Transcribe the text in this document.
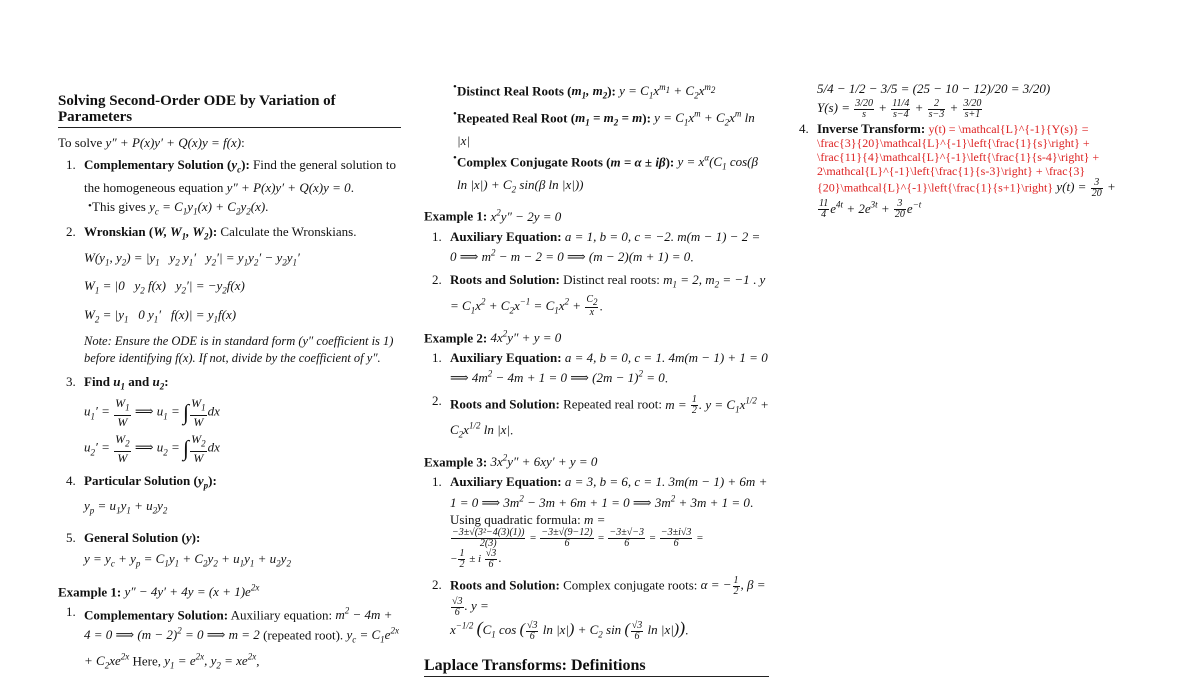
Solving Second-Order ODE by Variation of Parameters

To solve y″ + P(x)y′ + Q(x)y = f(x):

1. Complementary Solution $(y_c)$: Find the general solution to the homogeneous equation y″ + P(x)y′ + Q(x)y = 0.
• This gives $y_c = C_1y_1(x) + C_2y_2(x)$.
2. Wronskian (W, $W_1$, $W_2$): Calculate the Wronskians.
$W(y_1$, $y_2) = |y_1$   $y_2$ $y_1'$   $y_2'| = y_1y_2' - y_2y_1'$
$W_1 = |0$   $y_2$ f(x)   $y_2'| = -y_2f(x)$
$W_2 = |y_1$   0 $y_1'$   $f(x)| = y_1f(x)$
Note: Ensure the ODE is in standard form (y″ coefficient is 1) before identifying f(x). If not, divide by the coefficient of y″.
3. Find $u_1$ and $u_2$:
$u_1' = \frac{W_1}{W}$ ⟹ $u_1$ = ∫ $\frac{W_1}{W}$ dx
$u_2' = \frac{W_2}{W}$ ⟹ $u_2$ = ∫ $\frac{W_2}{W}$ dx
4. Particular Solution $(y_p)$:
$y_p = u_1y_1 + u_2y_2$
5. General Solution (y):
$y = y_c + y_p = C_1y_1 + C_2y_2 + u_1y_1 + u_2y_2$
Example 1: $y'' - 4y' + 4y = (x + 1)e^{2x}$
1. Complementary Solution: Auxiliary equation: $m^2 - 4m + 4 = 0$ ⟹ $(m - 2)^2 = 0$ ⟹ m = 2 (repeated root). $y_c = C_1e^{2x} + C_2xe^{2x}$ Here, $y_1 = e^{2x}$, $y_2 = xe^{2x}$,
• Distinct Real Roots ($m_1$, $m_2$): $y = C_1x^{m_1} + C_2x^{m_2}$
• Repeated Real Root $(m_1 = m_2 = m)$: $y = C_1x^m + C_2x^m$ ln |x|
• Complex Conjugate Roots (m = α ± iβ): $y = x^\alpha(C_1$ cos(β $\ln |x|) + C_2$ sin(β ln |x|))
Example 1: $x^2y'' - 2y = 0$
1. Auxiliary Equation: a = 1, b = 0, c = −2. m(m − 1) − 2 = 0 ⟹ $m^2 - m - 2 = 0$ ⟹ (m − 2)(m + 1) = 0.
2. Roots and Solution: Distinct real roots: $m_1 = 2$, $m_2 = -1$ . $y = C_1x^2 + C_2x^{-1} = C_1x^2 + \frac{C_2}{x}$ .
Example 2: $4x^2y'' + y = 0$
1. Auxiliary Equation: a = 4, b = 0, c = 1. 4m(m − 1) + 1 = 0 ⟹ $4m^2 - 4m + 1 = 0$ ⟹ $(2m - 1)^2 = 0$.
2. Roots and Solution: Repeated real root: $m = \frac{1}{2}$ . $y = C_1x^{1/2} + C_2x^{1/2}$ ln |x|.
Example 3: $3x^2y'' + 6xy' + y = 0$
1. Auxiliary Equation: a = 3, b = 6, c = 1. 3m(m − 1) + 6m + 1 = 0 ⟹ $3m^2 - 3m + 6m + 1 = 0$ ⟹ $3m^2 + 3m + 1 = 0$. Using quadratic formula: m =

$\frac{\text{−3±√(3²−4(3)(1))}}{2(3)} = \frac{-3\pm√(9-12)}{6} = \frac{-3\pm√-3}{6} = \frac{-3\pm i√3}{6}$ =
− $\frac{1}{2} \pm i \frac{√3}{6}$ .
2. Roots and Solution: Complex conjugate roots: α = − $\frac{1}{2}$ , β =
$\frac{√3}{6}$ . y =
$x^{-1/2}$ ($C_1$ cos ( $\frac{√3}{6}$ $\ln |x|) + C_2$ sin ( $\frac{√3}{6}$ ln |x|)).
Laplace Transforms: Definitions
5/4 − 1/2 − 3/5 = (25 − 10 − 12)/20 = 3/20)
$Y(s) = \frac{3/20}{s} + \frac{11/4}{s-4} + \frac{2}{s-3} + \frac{3/20}{s+1}$
4. Inverse Transform: y(t) = \mathcal{L}^{-1}{Y(s)} = \frac{3}{20}\mathcal{L}^{-1}\left{\frac{1}{s}\right} + \frac{11}{4}\mathcal{L}^{-1}\left{\frac{1}{s-4}\right} + 2\mathcal{L}^{-1}\left{\frac{1}{s-3}\right} + \frac{3}{20}\mathcal{L}^{-1}\left{\frac{1}{s+1}\right} $y(t) = \frac{3}{20}$ +
$\frac{11}{4} e^{4t} + 2e^{3t} + \frac{3}{20} e^{-t}$
